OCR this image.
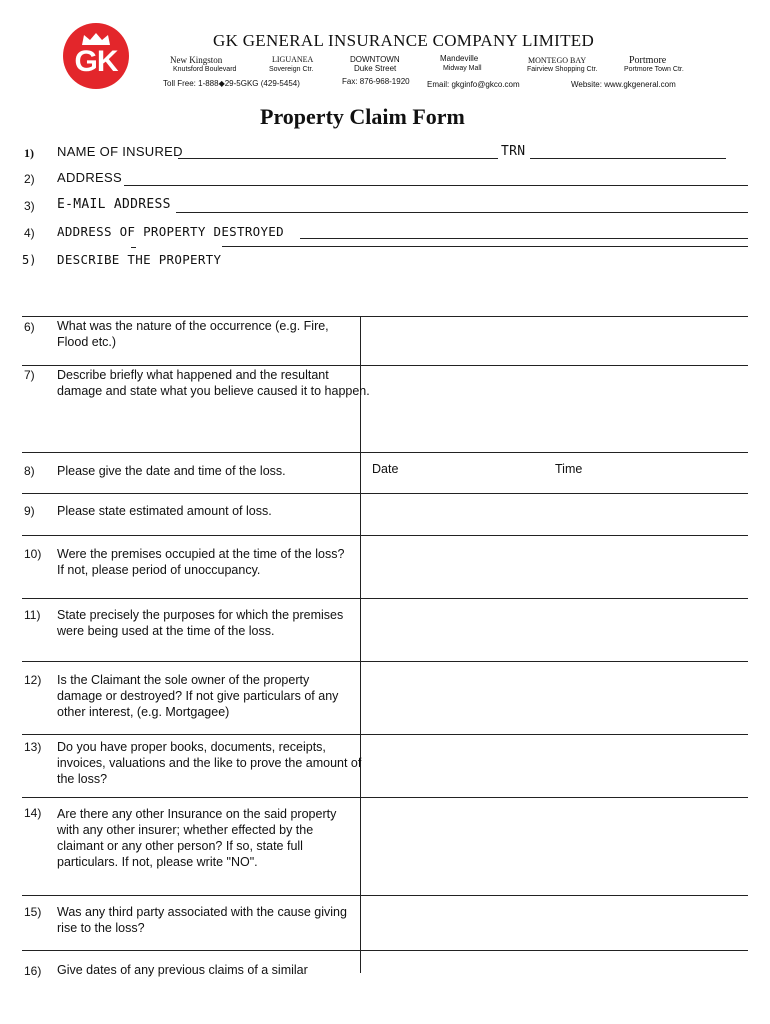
GK
GK GENERAL INSURANCE COMPANY LIMITED
New Kingston
Knutsford Boulevard
LIGUANEA
Sovereign Ctr.
DOWNTOWN
Duke Street
Mandeville
Midway Mall
MONTEGO BAY
Fairview Shopping Ctr.
Portmore
Portmore Town Ctr.
Toll Free: 1-888◆29-5GKG (429-5454)	Fax: 876-968-1920 Email: gkginfo@gkco.com	Website: www.gkgeneral.com
Property Claim Form
1) NAME OF INSURED	TRN
2) ADDRESS
3) E-MAIL ADDRESS
4) ADDRESS OF PROPERTY DESTROYED
5) DESCRIBE THE PROPERTY
6) What was the nature of the occurrence (e.g. Fire, Flood etc.)
7) Describe briefly what happened and the resultant damage and state what you believe caused it to happen.
8) Please give the date and time of the loss.	Date	Time
9) Please state estimated amount of loss.
10) Were the premises occupied at the time of the loss? If not, please period of unoccupancy.
11) State precisely the purposes for which the premises were being used at the time of the loss.
12) Is the Claimant the sole owner of the property damage or destroyed? If not give particulars of any other interest, (e.g. Mortgagee)
13) Do you have proper books, documents, receipts, invoices, valuations and the like to prove the amount of the loss?
14) Are there any other Insurance on the said property with any other insurer; whether effected by the claimant or any other person? If so, state full particulars. If not, please write "NO".
15) Was any third party associated with the cause giving rise to the loss?
16) Give dates of any previous claims of a similar
